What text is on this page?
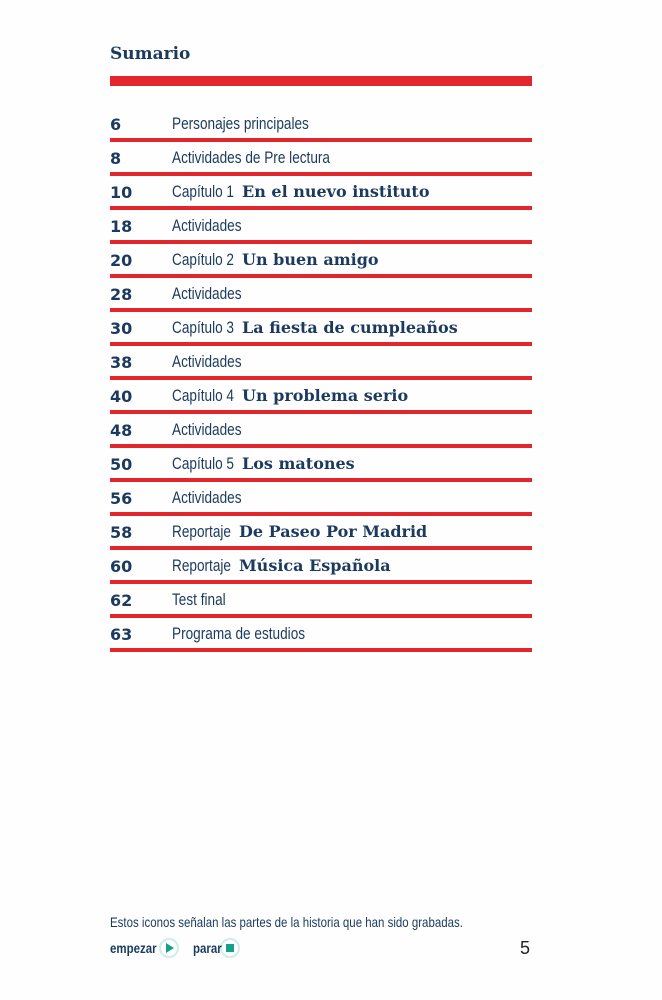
Sumario
6	Personajes principales
8	Actividades de Pre lectura
10 Capítulo 1 En el nuevo instituto
18 Actividades
20 Capítulo 2 Un buen amigo
28 Actividades
30 Capítulo 3 La fiesta de cumpleaños
38 Actividades
40 Capítulo 4 Un problema serio
48 Actividades
50 Capítulo 5 Los matones
56 Actividades
58 Reportaje De Paseo Por Madrid
60 Reportaje Música Española
62 Test final
63 Programa de estudios
Estos iconos señalan las partes de la historia que han sido grabadas.
empezar	parar	5
